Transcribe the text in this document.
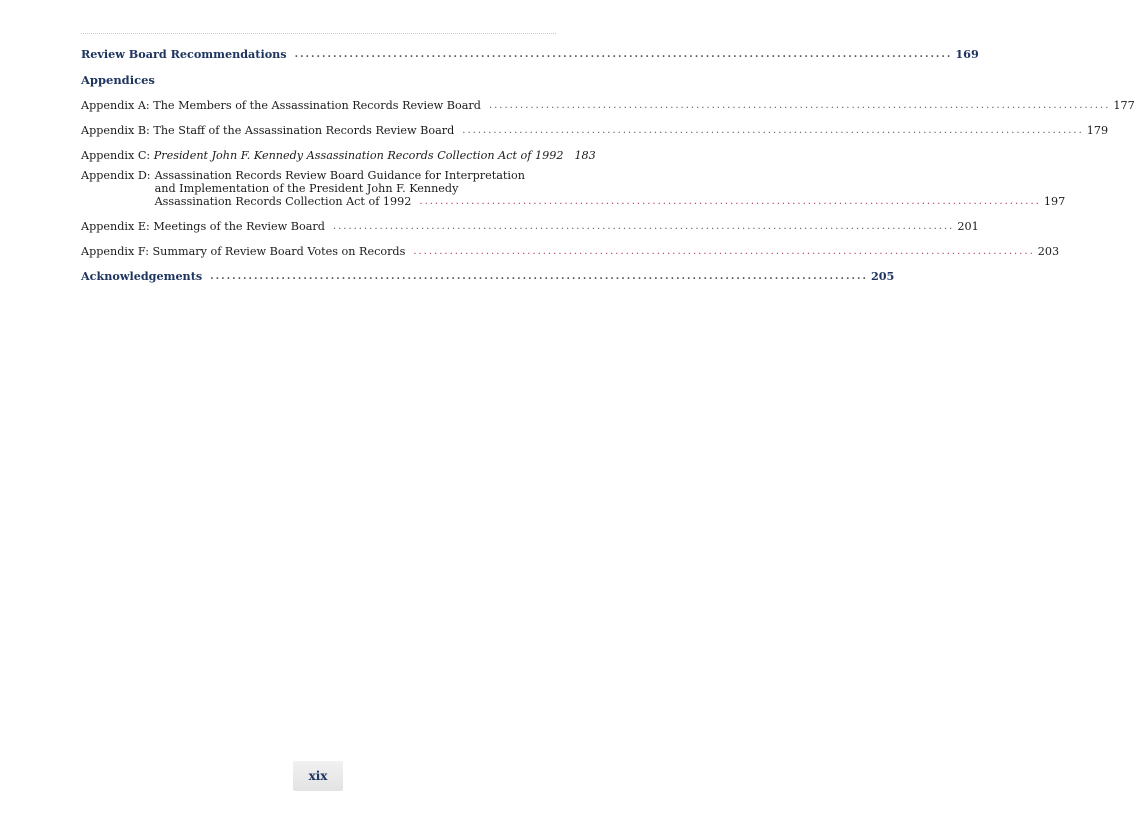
Review Board Recommendations ........................................................................................................................ 169
Appendices
Appendix A: The Members of the Assassination Records Review Board ........................................................................................................................ 177
Appendix B: The Staff of the Assassination Records Review Board ........................................................................................................................ 179
Appendix C: President John F. Kennedy Assassination Records Collection Act of 1992 183
Appendix D: Assassination Records Review Board Guidance for Interpretation
and Implementation of the President John F. Kennedy
Assassination Records Collection Act of 1992 ........................................................................................................................ 197
Appendix E: Meetings of the Review Board ........................................................................................................................ 201
Appendix F: Summary of Review Board Votes on Records ........................................................................................................................ 203
Acknowledgements ........................................................................................................................ 205
xix
